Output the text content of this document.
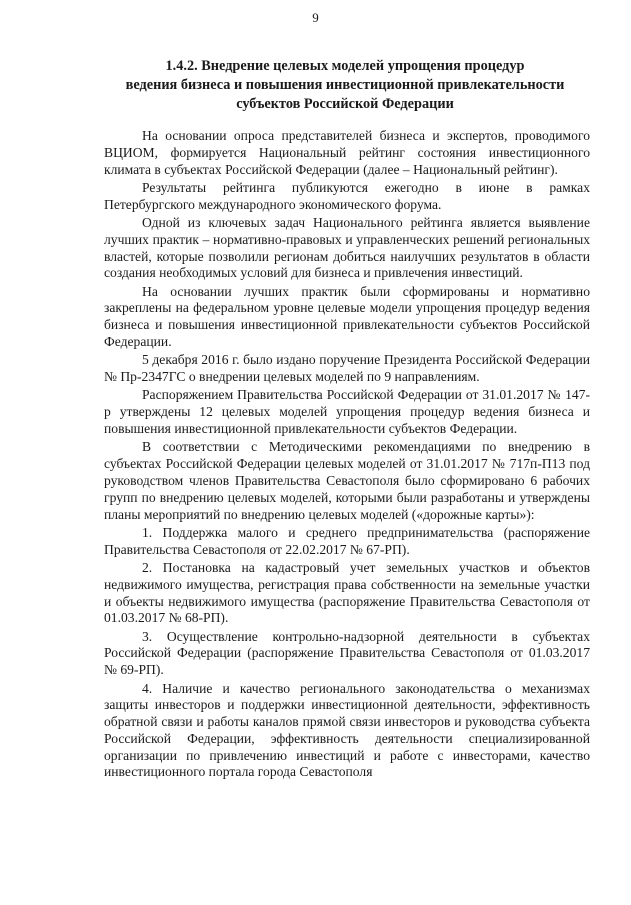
9
1.4.2. Внедрение целевых моделей упрощения процедур
ведения бизнеса и повышения инвестиционной привлекательности
субъектов Российской Федерации

На основании опроса представителей бизнеса и экспертов, проводимого ВЦИОМ, формируется Национальный рейтинг состояния инвестиционного климата в субъектах Российской Федерации (далее – Национальный рейтинг).

Результаты рейтинга публикуются ежегодно в июне в рамках Петербургского международного экономического форума.

Одной из ключевых задач Национального рейтинга является выявление лучших практик – нормативно-правовых и управленческих решений региональных властей, которые позволили регионам добиться наилучших результатов в области создания необходимых условий для бизнеса и привлечения инвестиций.

На основании лучших практик были сформированы и нормативно закреплены на федеральном уровне целевые модели упрощения процедур ведения бизнеса и повышения инвестиционной привлекательности субъектов Российской Федерации.

5 декабря 2016 г. было издано поручение Президента Российской Федерации № Пр-2347ГС о внедрении целевых моделей по 9 направлениям.

Распоряжением Правительства Российской Федерации от 31.01.2017 № 147-р утверждены 12 целевых моделей упрощения процедур ведения бизнеса и повышения инвестиционной привлекательности субъектов Федерации.

В соответствии с Методическими рекомендациями по внедрению в субъектах Российской Федерации целевых моделей от 31.01.2017 № 717п-П13 под руководством членов Правительства Севастополя было сформировано 6 рабочих групп по внедрению целевых моделей, которыми были разработаны и утверждены планы мероприятий по внедрению целевых моделей («дорожные карты»):

1. Поддержка малого и среднего предпринимательства (распоряжение Правительства Севастополя от 22.02.2017 № 67-РП).

2. Постановка на кадастровый учет земельных участков и объектов недвижимого имущества, регистрация права собственности на земельные участки и объекты недвижимого имущества (распоряжение Правительства Севастополя от 01.03.2017 № 68-РП).

3. Осуществление контрольно-надзорной деятельности в субъектах Российской Федерации (распоряжение Правительства Севастополя от 01.03.2017 № 69-РП).

4. Наличие и качество регионального законодательства о механизмах защиты инвесторов и поддержки инвестиционной деятельности, эффективность обратной связи и работы каналов прямой связи инвесторов и руководства субъекта Российской Федерации, эффективность деятельности специализированной организации по привлечению инвестиций и работе с инвесторами, качество инвестиционного портала города Севастополя
